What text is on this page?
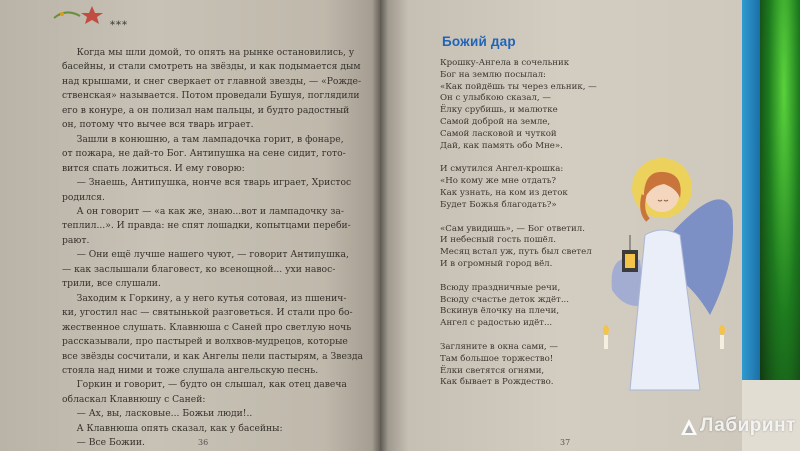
***

Когда мы шли домой, то опять на рынке остановились, у

басейны, и стали смотреть на звёзды, и как подымается дым

над крышами, и снег сверкает от главной звезды, — «Рожде-

ственская» называется. Потом проведали Бушуя, поглядили

его в конуре, а он полизал нам пальцы, и будто радостный

он, потому что вычее вся тварь играет.

Зашли в конюшню, а там лампадочка горит, в фонаре,

от пожара, не дай-то Бог. Антипушка на сене сидит, гото-

вится спать ложиться. И ему говорю:

— Знаешь, Антипушка, нонче вся тварь играет, Христос

родился.

А он говорит — «а как же, знаю...вот и лампадочку за-

теплил...». И правда: не спят лошадки, копытцами переби-

рают.

— Они ещё лучше нашего чуют, — говорит Антипушка,

— как заслышали благовест, ко всенощной... ухи навос-

трили, все слушали.

Заходим к Горкину, а у него кутья сотовая, из пшенич-

ки, угостил нас — святынькой разговеться. И стали про бо-

жественное слушать. Клавнюша с Саней про светлую ночь

рассказывали, про пастырей и волхвов-мудрецов, которые

все звёзды сосчитали, и как Ангелы пели пастырям, а Звезда

стояла над ними и тоже слушала ангельскую песнь.

Горкин и говорит, — будто он слышал, как отец давеча

обласкал Клавнюшу с Саней:

— Ах, вы, ласковые... Божьи люди!..

А Клавнюша опять сказал, как у басейны:

— Все Божии.	36
Божий дар
Крошку-Ангела в сочельник
Бог на землю посылал:
«Как пойдёшь ты через ельник, —
Он с улыбкою сказал, —
Ёлку срубишь, и малютке
Самой доброй на земле,
Самой ласковой и чуткой
Дай, как память обо Мне».
И смутился Ангел-крошка:
«Но кому же мне отдать?
Как узнать, на ком из деток
Будет Божья благодать?»
«Сам увидишь», — Бог ответил.
И небесный гость пошёл.
Месяц встал уж, путь был светел
И в огромный город вёл.
Всюду праздничные речи,
Всюду счастье деток ждёт...
Вскинув ёлочку на плечи,
Ангел с радостью идёт...
Загляните в окна сами, —
Там большое торжество!
Ёлки светятся огнями,
Как бывает в Рождество.
37
Лабиринт
